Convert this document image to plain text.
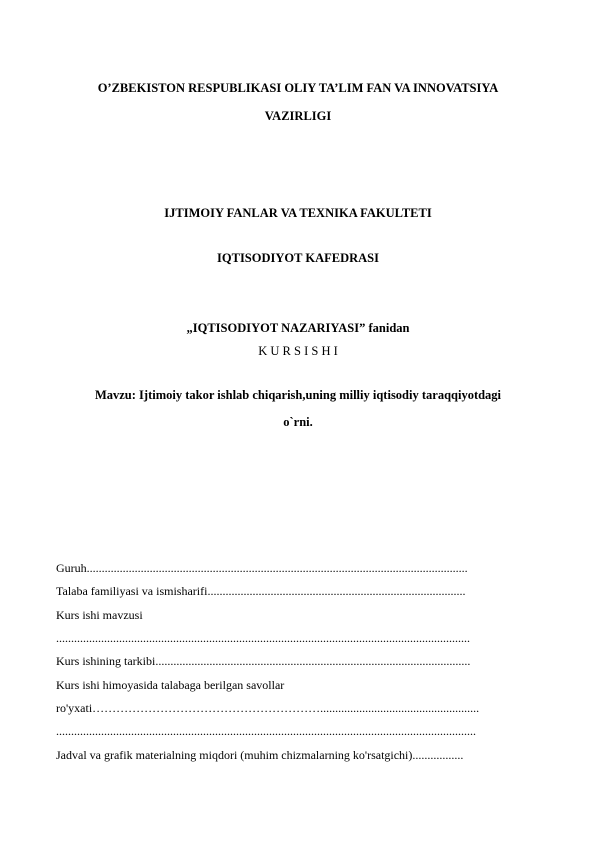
O’ZBEKISTON RESPUBLIKASI OLIY TA’LIM FAN VA INNOVATSIYA
VAZIRLIGI
IJTIMOIY FANLAR VA TEXNIKA FAKULTETI
IQTISODIYOT KAFEDRASI
„IQTISODIYOT NAZARIYASI” fanidan
K U R S I S H I
Mavzu: Ijtimoiy takor ishlab chiqarish,uning milliy iqtisodiy taraqqiyotdagi
o`rni.
Guruh...............................................................................................................................
Talaba familiyasi va ismisharifi......................................................................................
Kurs ishi mavzusi
..........................................................................................................................................
Kurs ishining tarkibi.........................................................................................................
Kurs ishi himoyasida talabaga berilgan savollar
ro'yxati………………………………………………….....................................................
............................................................................................................................................
Jadval va grafik materialning miqdori (muhim chizmalarning ko'rsatgichi).................
